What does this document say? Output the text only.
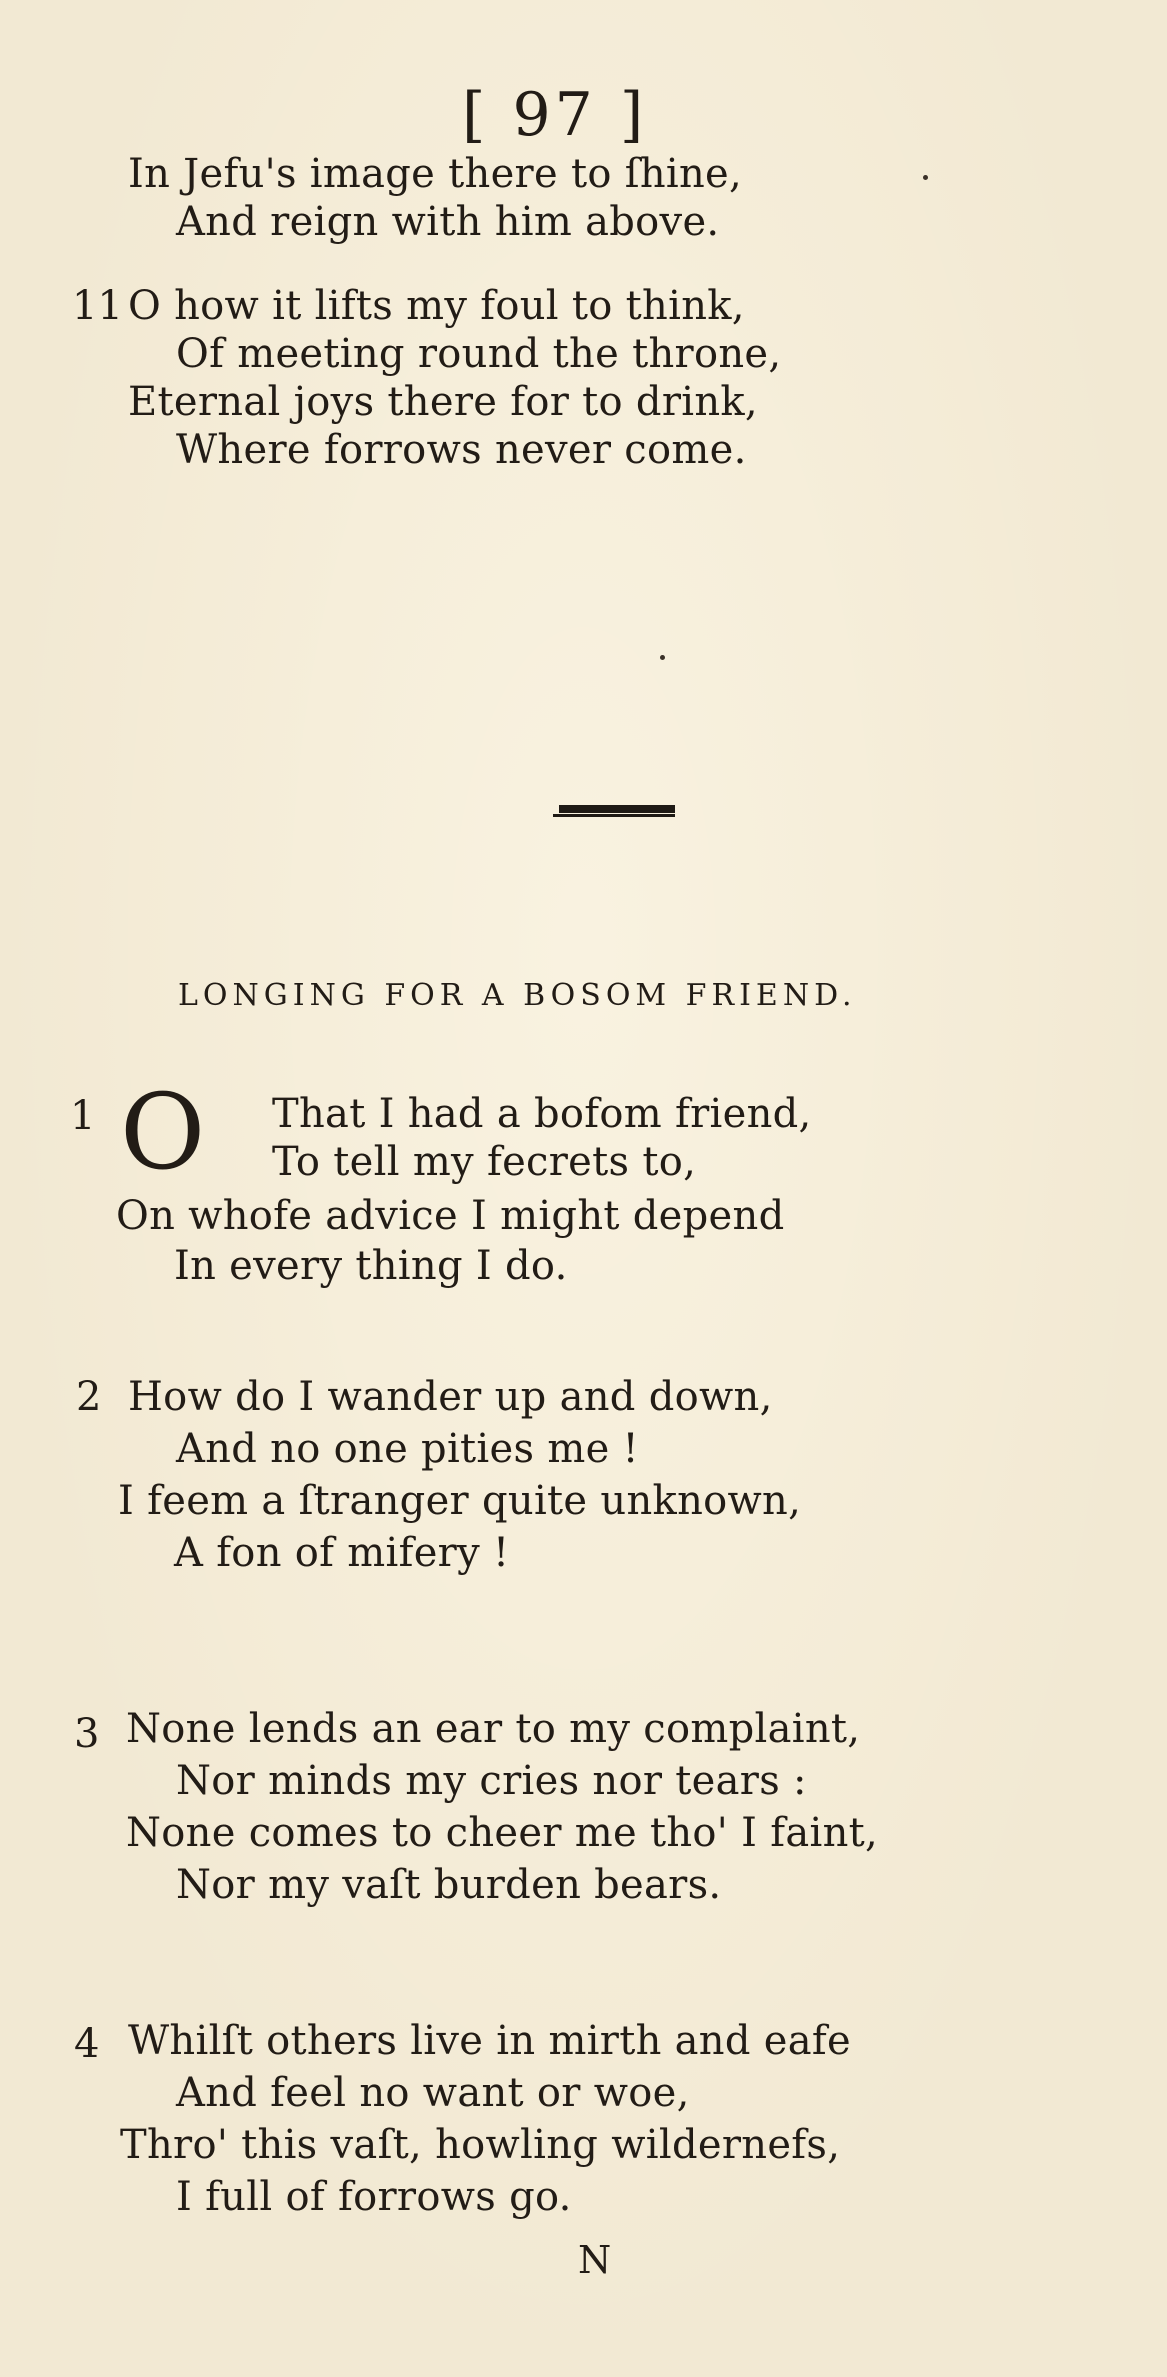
[ 97 ]
In Jefu's image there to ſhine,
And reign with him above.
11 O how it lifts my foul to think,
Of meeting round the throne,
Eternal joys there for to drink,
Where forrows never come.
LONGING FOR A BOSOM FRIEND.
1 O That I had a bofom friend,
To tell my fecrets to,
On whofe advice I might depend
In every thing I do.
2 How do I wander up and down,
And no one pities me !
I feem a ſtranger quite unknown,
A fon of mifery !
3 None lends an ear to my complaint,
Nor minds my cries nor tears :
None comes to cheer me tho' I faint,
Nor my vaſt burden bears.
4 Whilſt others live in mirth and eafe
And feel no want or woe,
Thro' this vaſt, howling wildernefs,
I full of forrows go.
N
